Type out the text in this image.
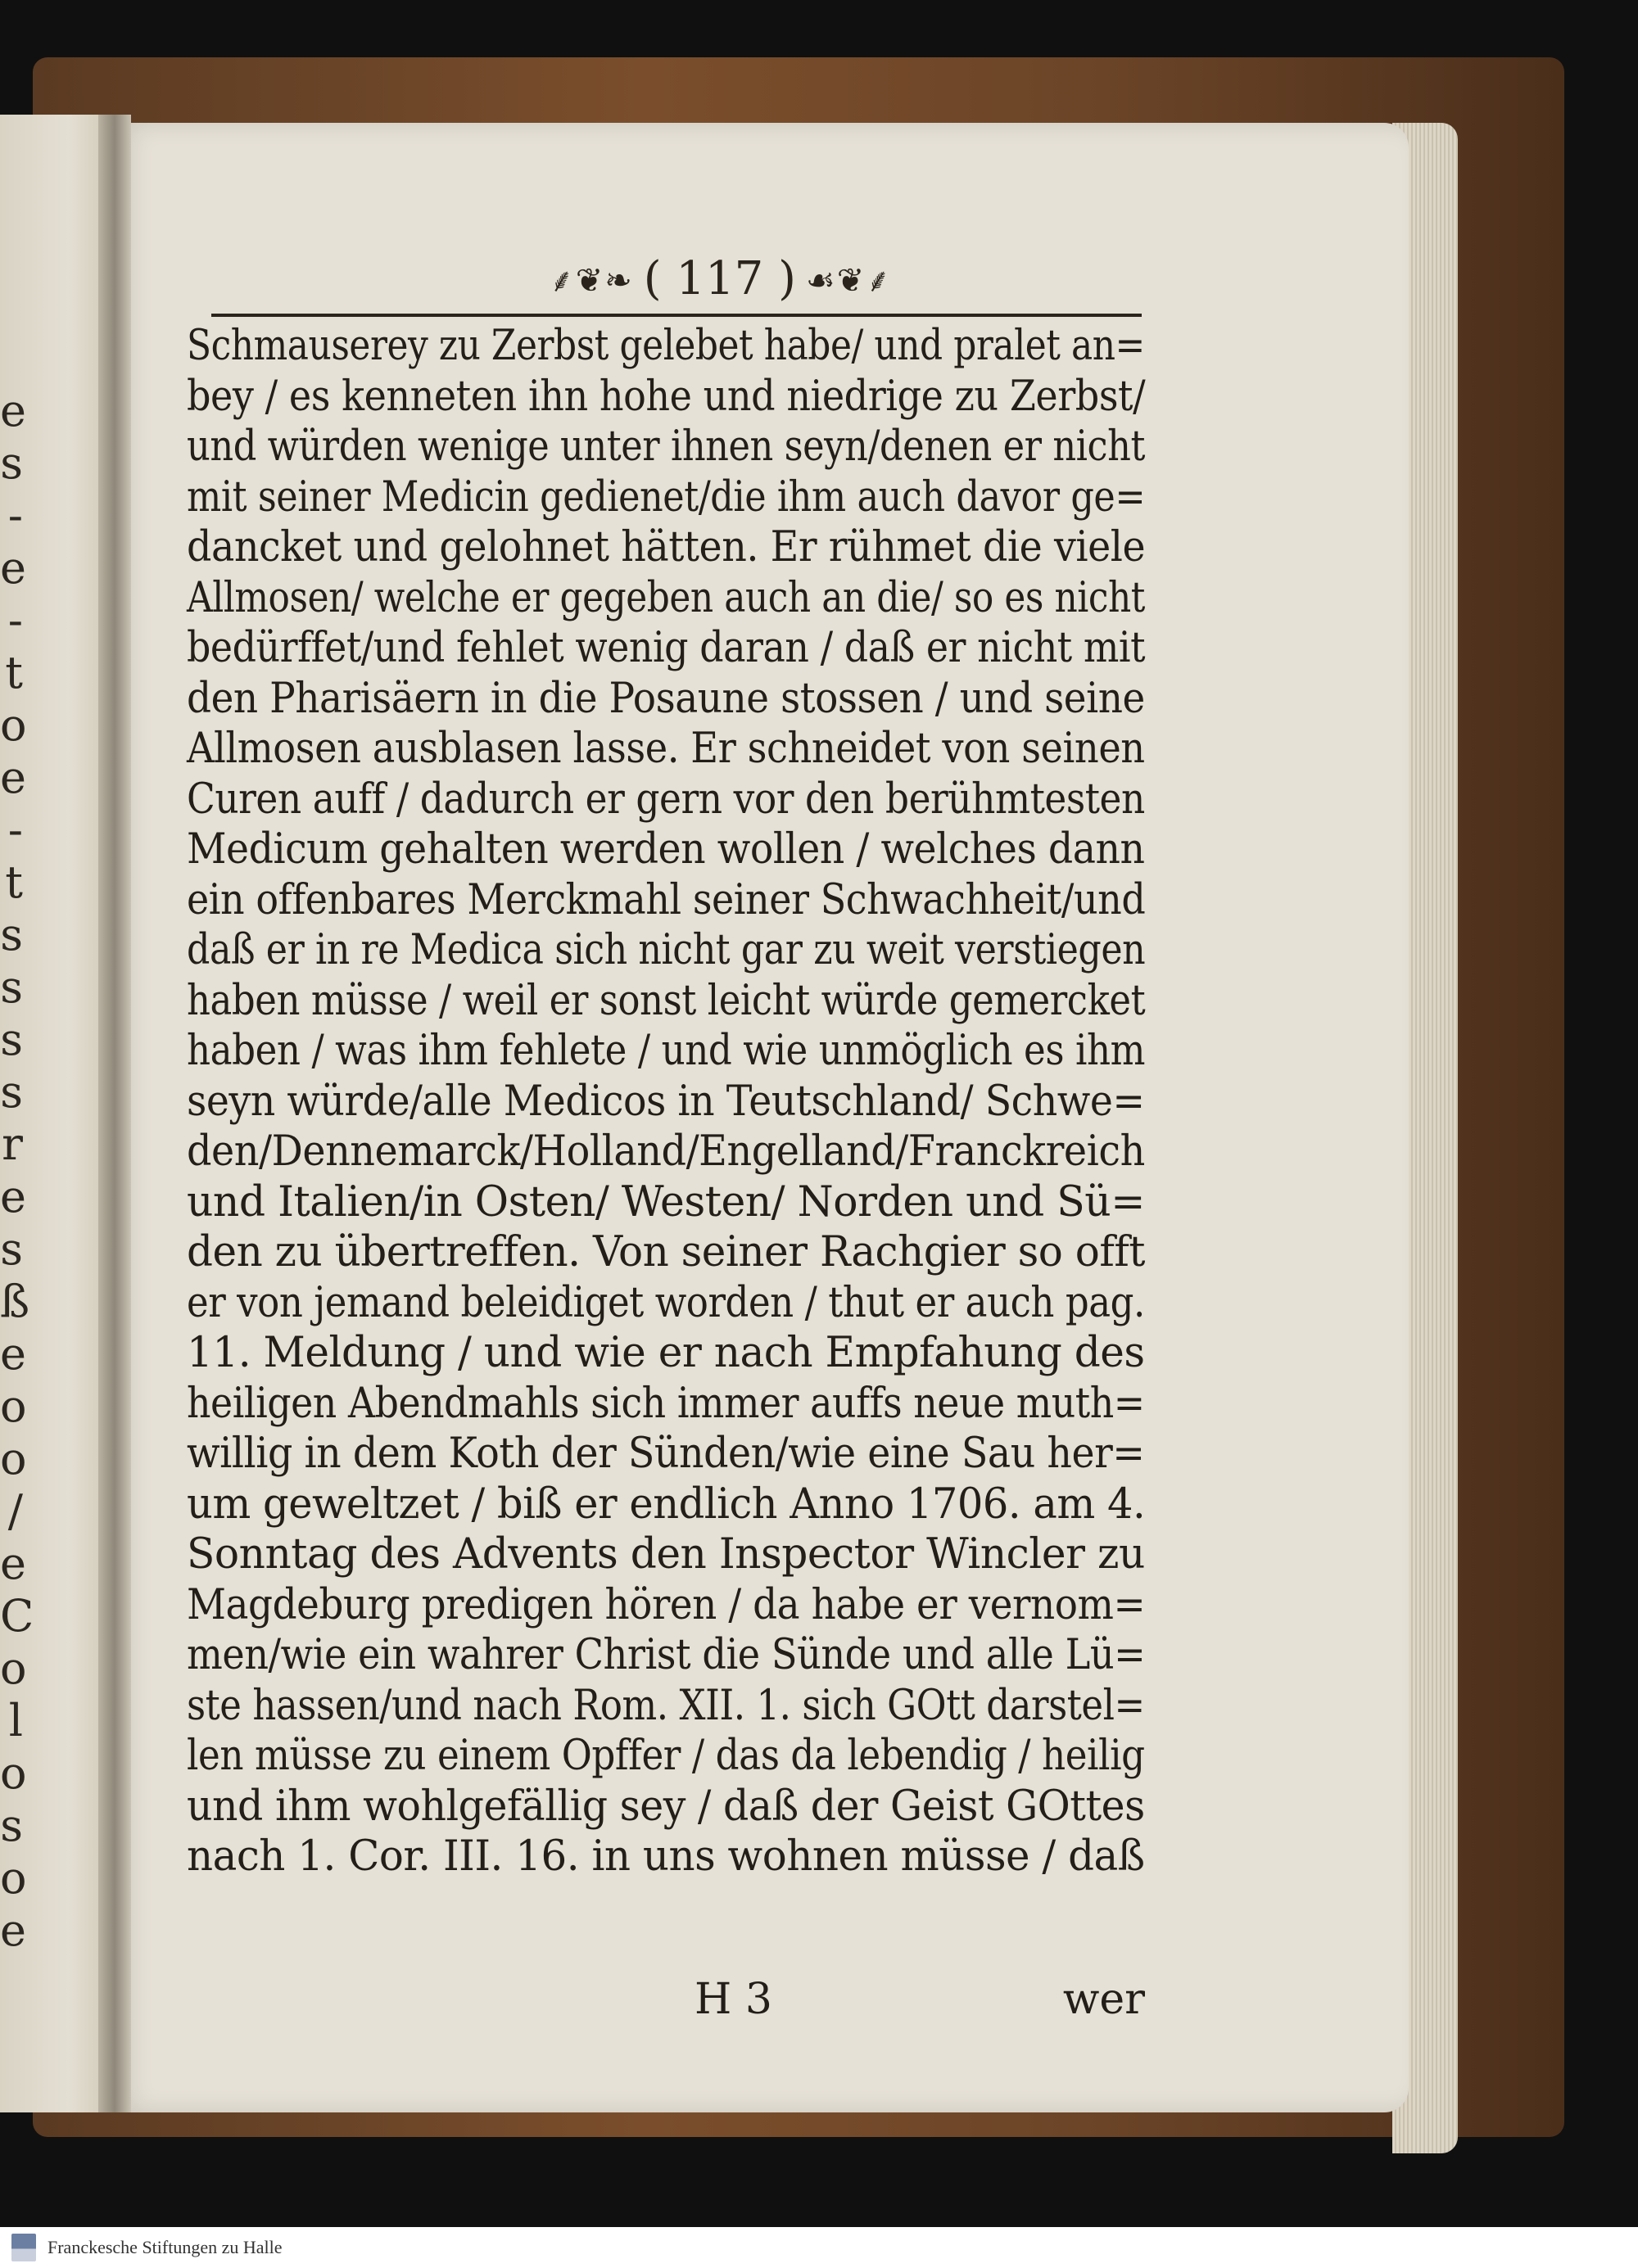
e
s
-
e
-
t
o
e
-
t
s
s
s
s
r
e
s
ß
e
o
o
/
e
C
o
l
o
s
o
e
⸙❦❧ ( 117 ) ☙❦⸙
Schmauserey zu Zerbst gelebet habe/ und pralet an=
bey / es kenneten ihn hohe und niedrige zu Zerbst/
und würden wenige unter ihnen seyn/denen er nicht
mit seiner Medicin gedienet/die ihm auch davor ge=
dancket und gelohnet hätten. Er rühmet die viele
Allmosen/ welche er gegeben auch an die/ so es nicht
bedürffet/und fehlet wenig daran / daß er nicht mit
den Pharisäern in die Posaune stossen / und seine
Allmosen ausblasen lasse. Er schneidet von seinen
Curen auff / dadurch er gern vor den berühmtesten
Medicum gehalten werden wollen / welches dann
ein offenbares Merckmahl seiner Schwachheit/und
daß er in re Medica sich nicht gar zu weit verstiegen
haben müsse / weil er sonst leicht würde gemercket
haben / was ihm fehlete / und wie unmöglich es ihm
seyn würde/alle Medicos in Teutschland/ Schwe=
den/Dennemarck/Holland/Engelland/Franckreich
und Italien/in Osten/ Westen/ Norden und Sü=
den zu übertreffen. Von seiner Rachgier so offt
er von jemand beleidiget worden / thut er auch pag.
11. Meldung / und wie er nach Empfahung des
heiligen Abendmahls sich immer auffs neue muth=
willig in dem Koth der Sünden/wie eine Sau her=
um geweltzet / biß er endlich Anno 1706. am 4.
Sonntag des Advents den Inspector Wincler zu
Magdeburg predigen hören / da habe er vernom=
men/wie ein wahrer Christ die Sünde und alle Lü=
ste hassen/und nach Rom. XII. 1. sich GOtt darstel=
len müsse zu einem Opffer / das da lebendig / heilig
und ihm wohlgefällig sey / daß der Geist GOttes
nach 1. Cor. III. 16. in uns wohnen müsse / daß
H 3	wer
Franckesche Stiftungen zu Halle
